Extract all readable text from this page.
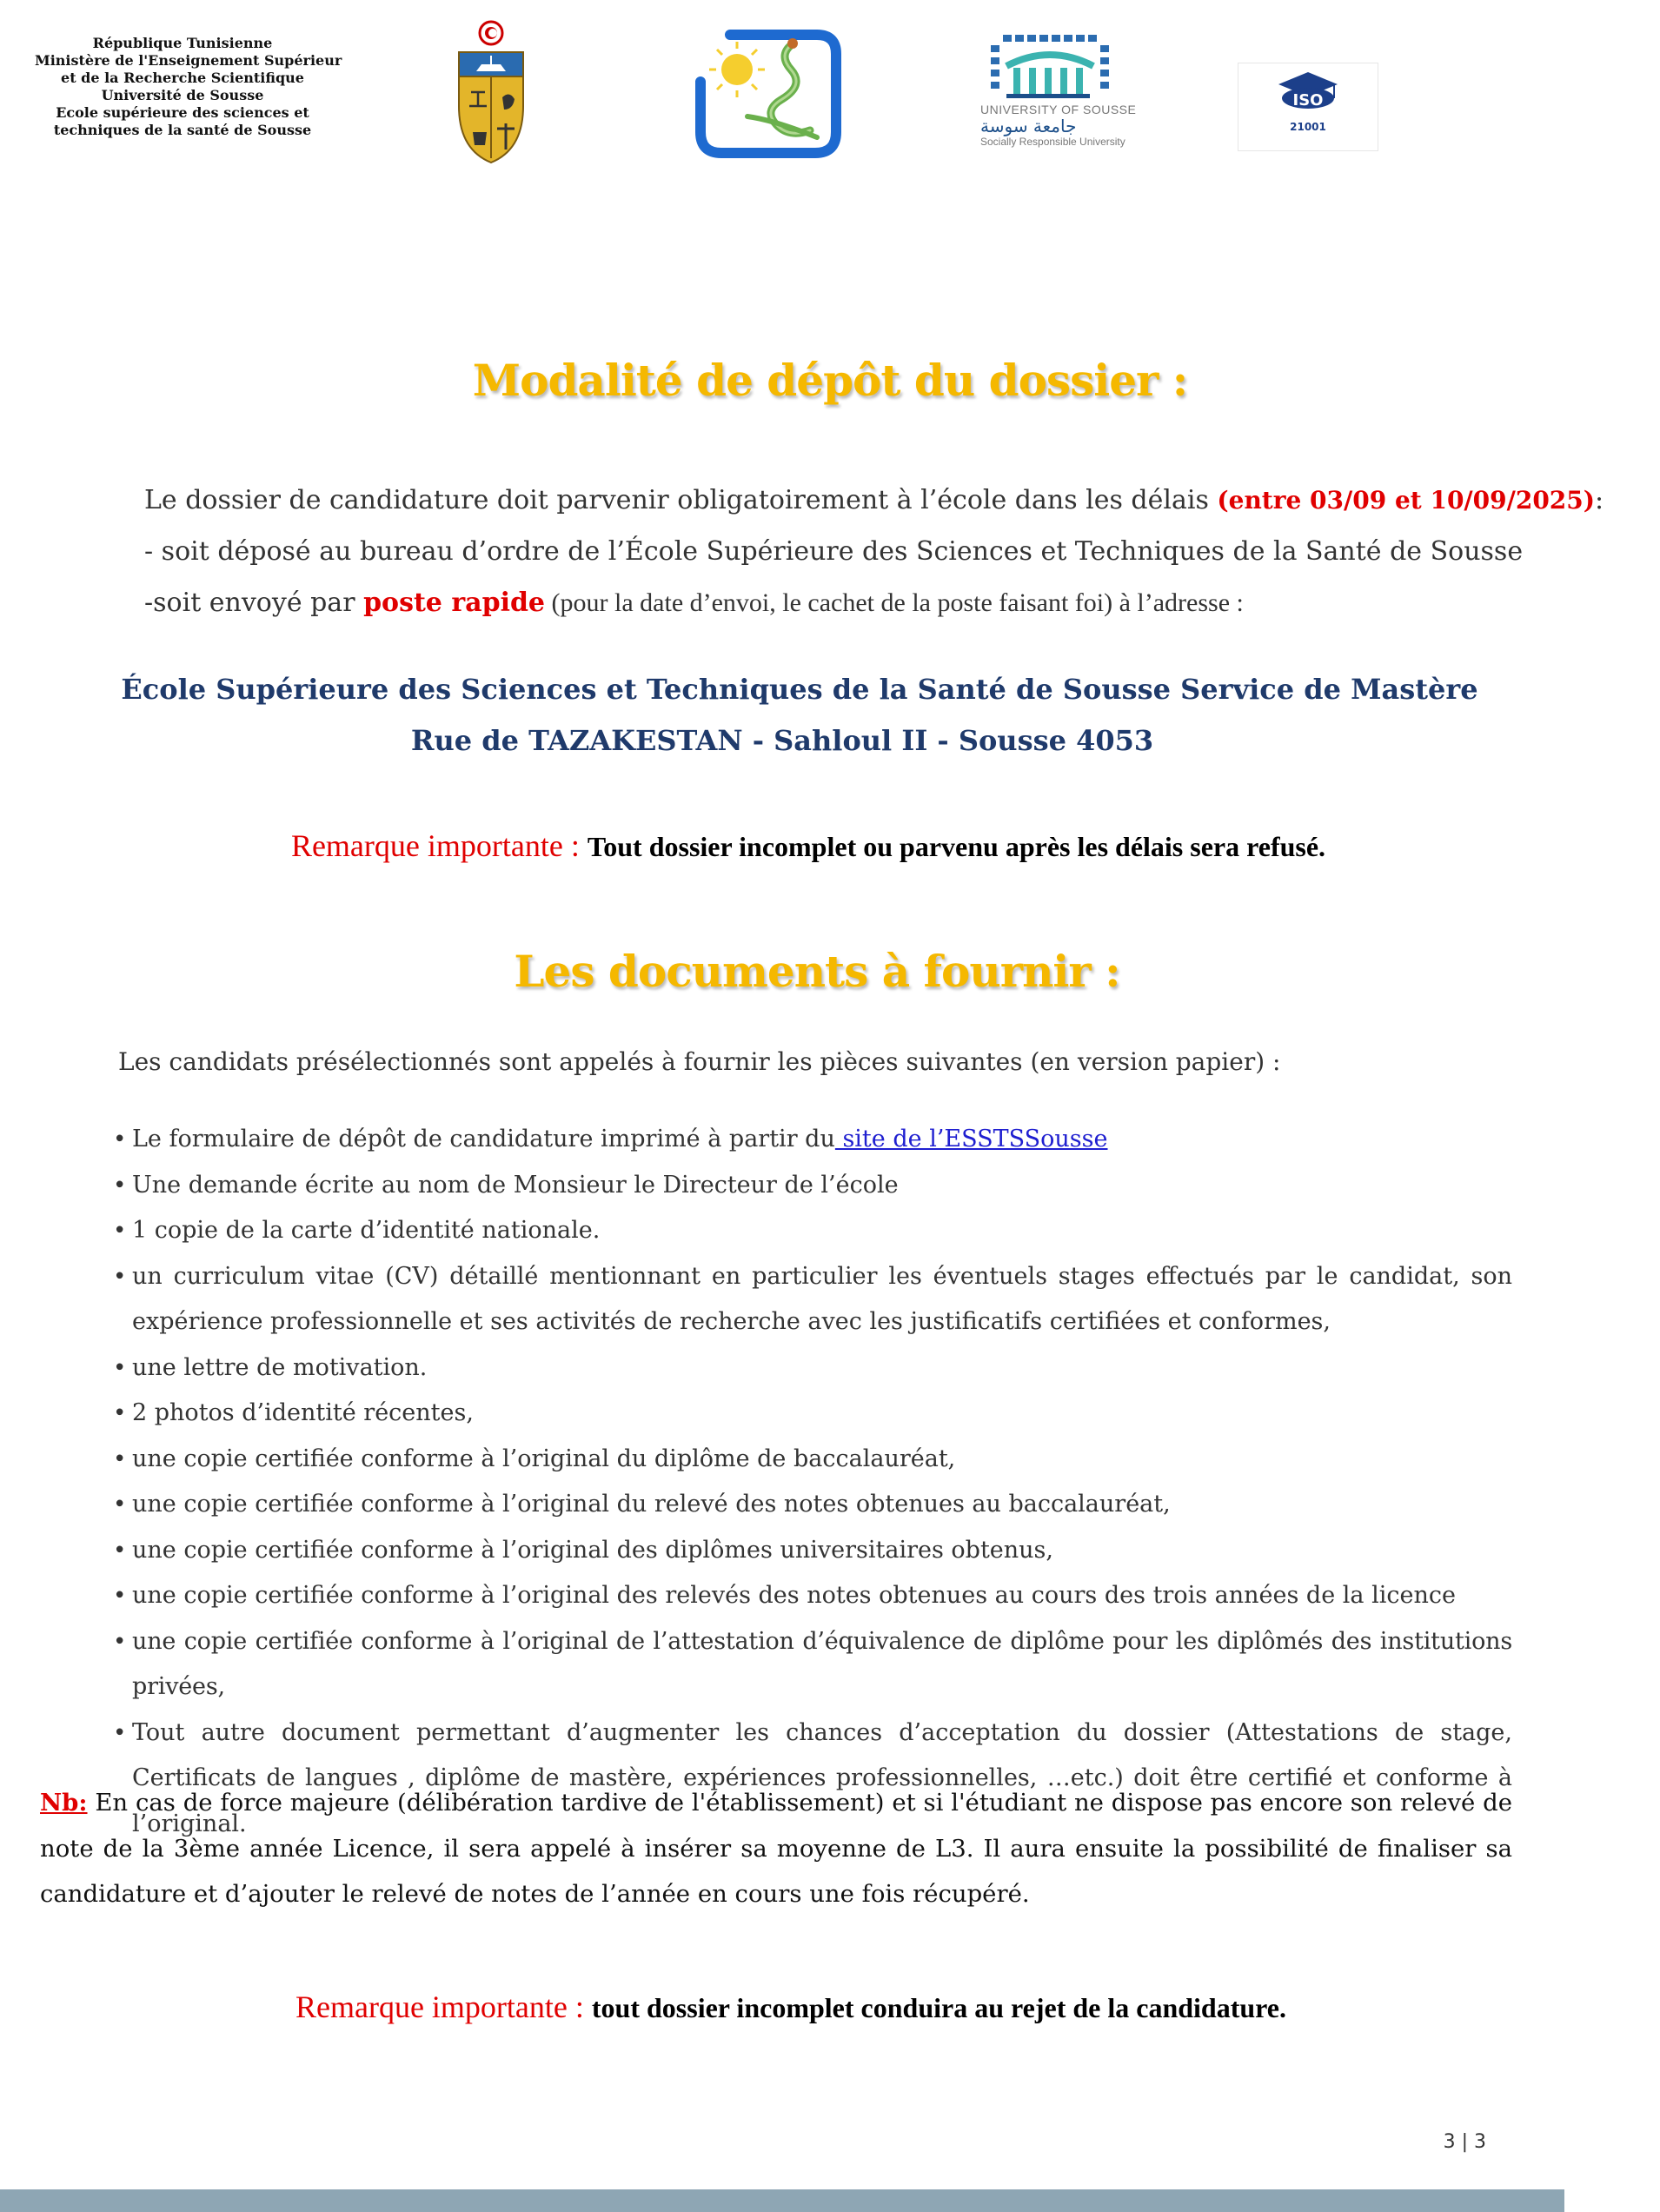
République Tunisienne
Ministère de l'Enseignement Supérieur
et de la Recherche Scientifique
Université de Sousse
Ecole supérieure des sciences et
techniques de la santé de Sousse
UNIVERSITY OF SOUSSE
جامعة سوسة
Socially Responsible University
ISO
21001
Modalité de dépôt du dossier :
Le dossier de candidature doit parvenir obligatoirement à l’école dans les délais (entre 03/09 et 10/09/2025):
- soit déposé au bureau d’ordre de l’École Supérieure des Sciences et Techniques de la Santé de Sousse
-soit envoyé par poste rapide (pour la date d’envoi, le cachet de la poste faisant foi) à l’adresse :
École Supérieure des Sciences et Techniques de la Santé de Sousse Service de Mastère
Rue de TAZAKESTAN - Sahloul II - Sousse 4053
Remarque importante : Tout dossier incomplet ou parvenu après les délais sera refusé.
Les documents à fournir :
Les candidats présélectionnés sont appelés à fournir les pièces suivantes (en version papier) :
• Le formulaire de dépôt de candidature imprimé à partir du site de l’ESSTSSousse
• Une demande écrite au nom de Monsieur le Directeur de l’école
• 1 copie de la carte d’identité nationale.
• un curriculum vitae (CV) détaillé mentionnant en particulier les éventuels stages effectués par le candidat, son expérience professionnelle et ses activités de recherche avec les justificatifs certifiées et conformes,
• une lettre de motivation.
• 2 photos d’identité récentes,
• une copie certifiée conforme à l’original du diplôme de baccalauréat,
• une copie certifiée conforme à l’original du relevé des notes obtenues au baccalauréat,
• une copie certifiée conforme à l’original des diplômes universitaires obtenus,
• une copie certifiée conforme à l’original des relevés des notes obtenues au cours des trois années de la licence
• une copie certifiée conforme à l’original de l’attestation d’équivalence de diplôme pour les diplômés des institutions privées,
• Tout autre document permettant d’augmenter les chances d’acceptation du dossier (Attestations de stage, Certificats de langues , diplôme de mastère, expériences professionnelles, …etc.) doit être certifié et conforme à l’original.
Nb: En cas de force majeure (délibération tardive de l'établissement) et si l'étudiant ne dispose pas encore son relevé de note de la 3ème année Licence, il sera appelé à insérer sa moyenne de L3. Il aura ensuite la possibilité de finaliser sa candidature et d’ajouter le relevé de notes de l’année en cours une fois récupéré.
Remarque importante : tout dossier incomplet conduira au rejet de la candidature.
3 | 3
